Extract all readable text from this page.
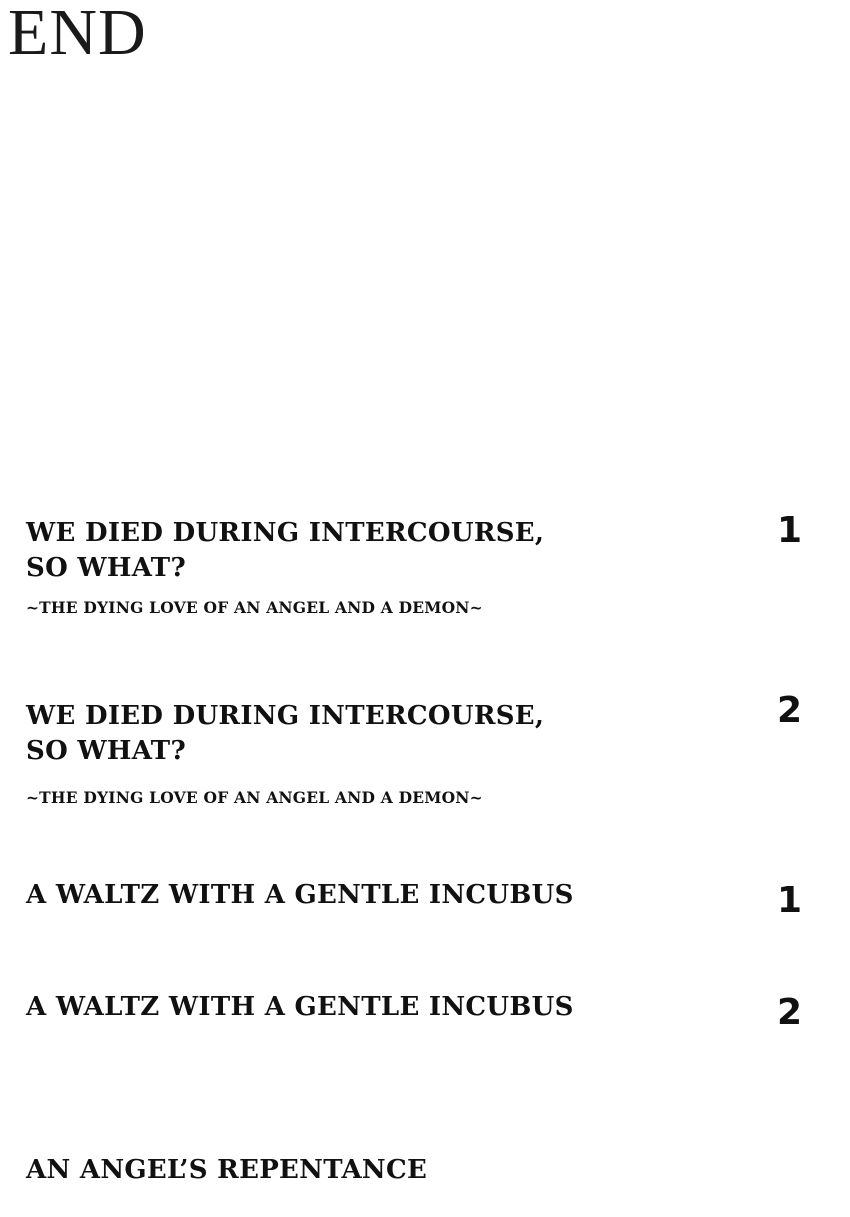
END
WE DIED DURING INTERCOURSE,
SO WHAT?
~THE DYING LOVE OF AN ANGEL AND A DEMON~
1
WE DIED DURING INTERCOURSE,
SO WHAT?
~THE DYING LOVE OF AN ANGEL AND A DEMON~
2
A WALTZ WITH A GENTLE INCUBUS	1
A WALTZ WITH A GENTLE INCUBUS	2
AN ANGEL’S REPENTANCE
